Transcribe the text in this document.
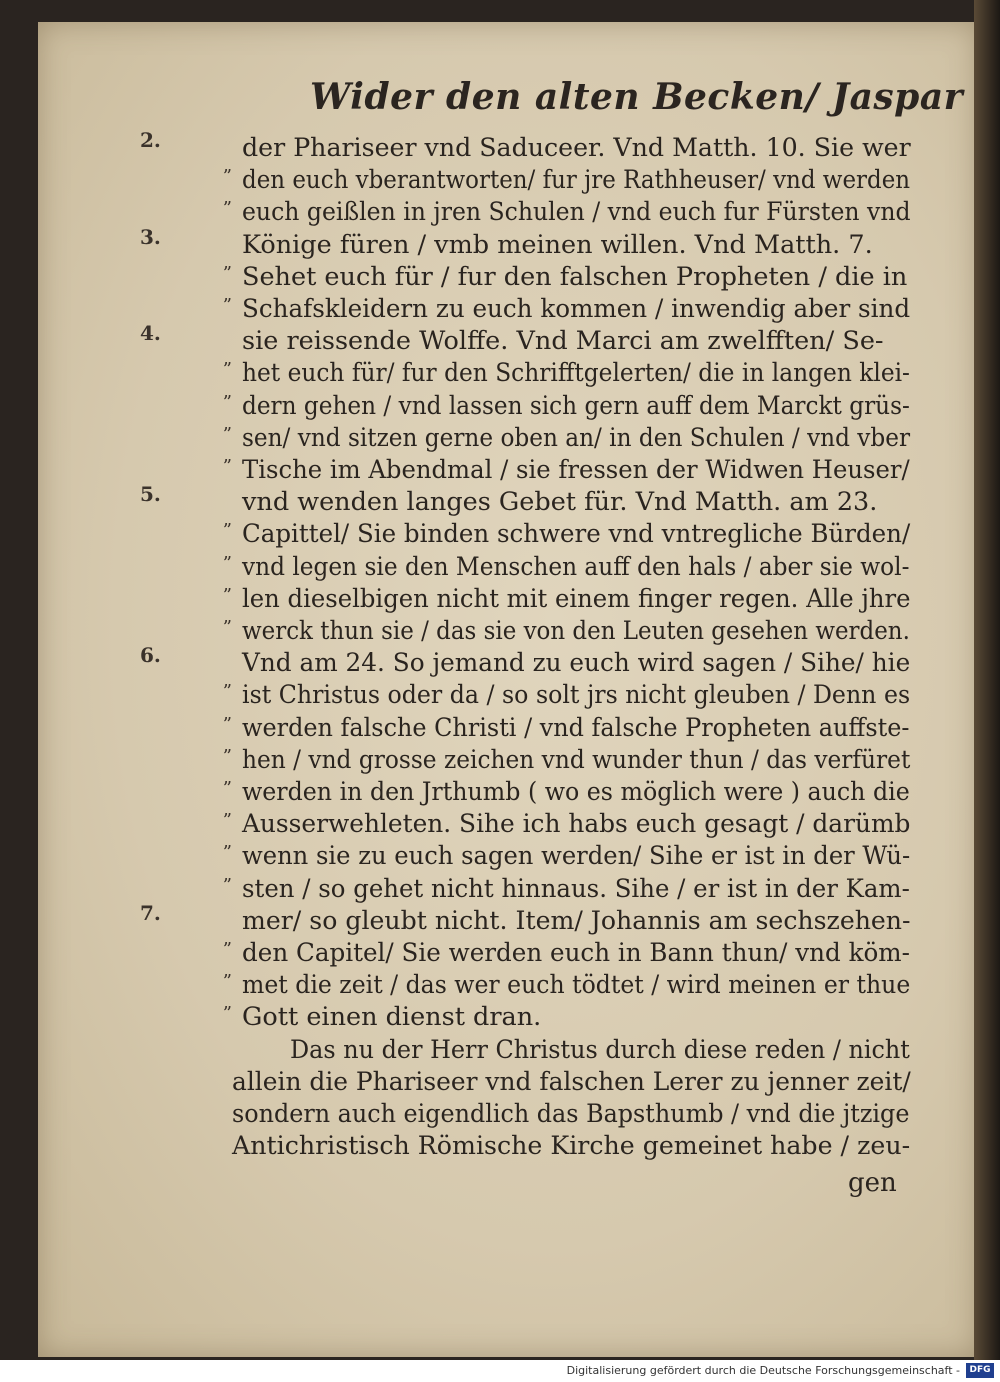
Wider den alten Becken/ Jaspar
2.	der Phariseer vnd Saduceer. Vnd Matth. 10. Sie wer
” den euch vberantworten/ fur jre Rathheuser/ vnd werden
” euch geißlen in jren Schulen / vnd euch fur Fürsten vnd
3.	Könige füren / vmb meinen willen. Vnd Matth. 7.
” Sehet euch für / fur den falschen Propheten / die in
” Schafskleidern zu euch kommen / inwendig aber sind
4.	sie reissende Wolffe. Vnd Marci am zwelfften/ Se-
” het euch für/ fur den Schrifftgelerten/ die in langen klei-
” dern gehen / vnd lassen sich gern auff dem Marckt grüs-
” sen/ vnd sitzen gerne oben an/ in den Schulen / vnd vber
” Tische im Abendmal / sie fressen der Widwen Heuser/
5.	vnd wenden langes Gebet für. Vnd Matth. am 23.
” Capittel/ Sie binden schwere vnd vntregliche Bürden/
” vnd legen sie den Menschen auff den hals / aber sie wol-
” len dieselbigen nicht mit einem finger regen. Alle jhre
” werck thun sie / das sie von den Leuten gesehen werden.
6.	Vnd am 24. So jemand zu euch wird sagen / Sihe/ hie
” ist Christus oder da / so solt jrs nicht gleuben / Denn es
” werden falsche Christi / vnd falsche Propheten auffste-
” hen / vnd grosse zeichen vnd wunder thun / das verfüret
” werden in den Jrthumb ( wo es möglich were ) auch die
” Ausserwehleten. Sihe ich habs euch gesagt / darümb
” wenn sie zu euch sagen werden/ Sihe er ist in der Wü-
” sten / so gehet nicht hinnaus. Sihe / er ist in der Kam-
7.	mer/ so gleubt nicht. Item/ Johannis am sechszehen-
” den Capitel/ Sie werden euch in Bann thun/ vnd köm-
” met die zeit / das wer euch tödtet / wird meinen er thue
” Gott einen dienst dran.
Das nu der Herr Christus durch diese reden / nicht
allein die Phariseer vnd falschen Lerer zu jenner zeit/
sondern auch eigendlich das Bapsthumb / vnd die jtzige
Antichristisch Römische Kirche gemeinet habe / zeu-
gen
Digitalisierung gefördert durch die Deutsche Forschungsgemeinschaft -	DFG
